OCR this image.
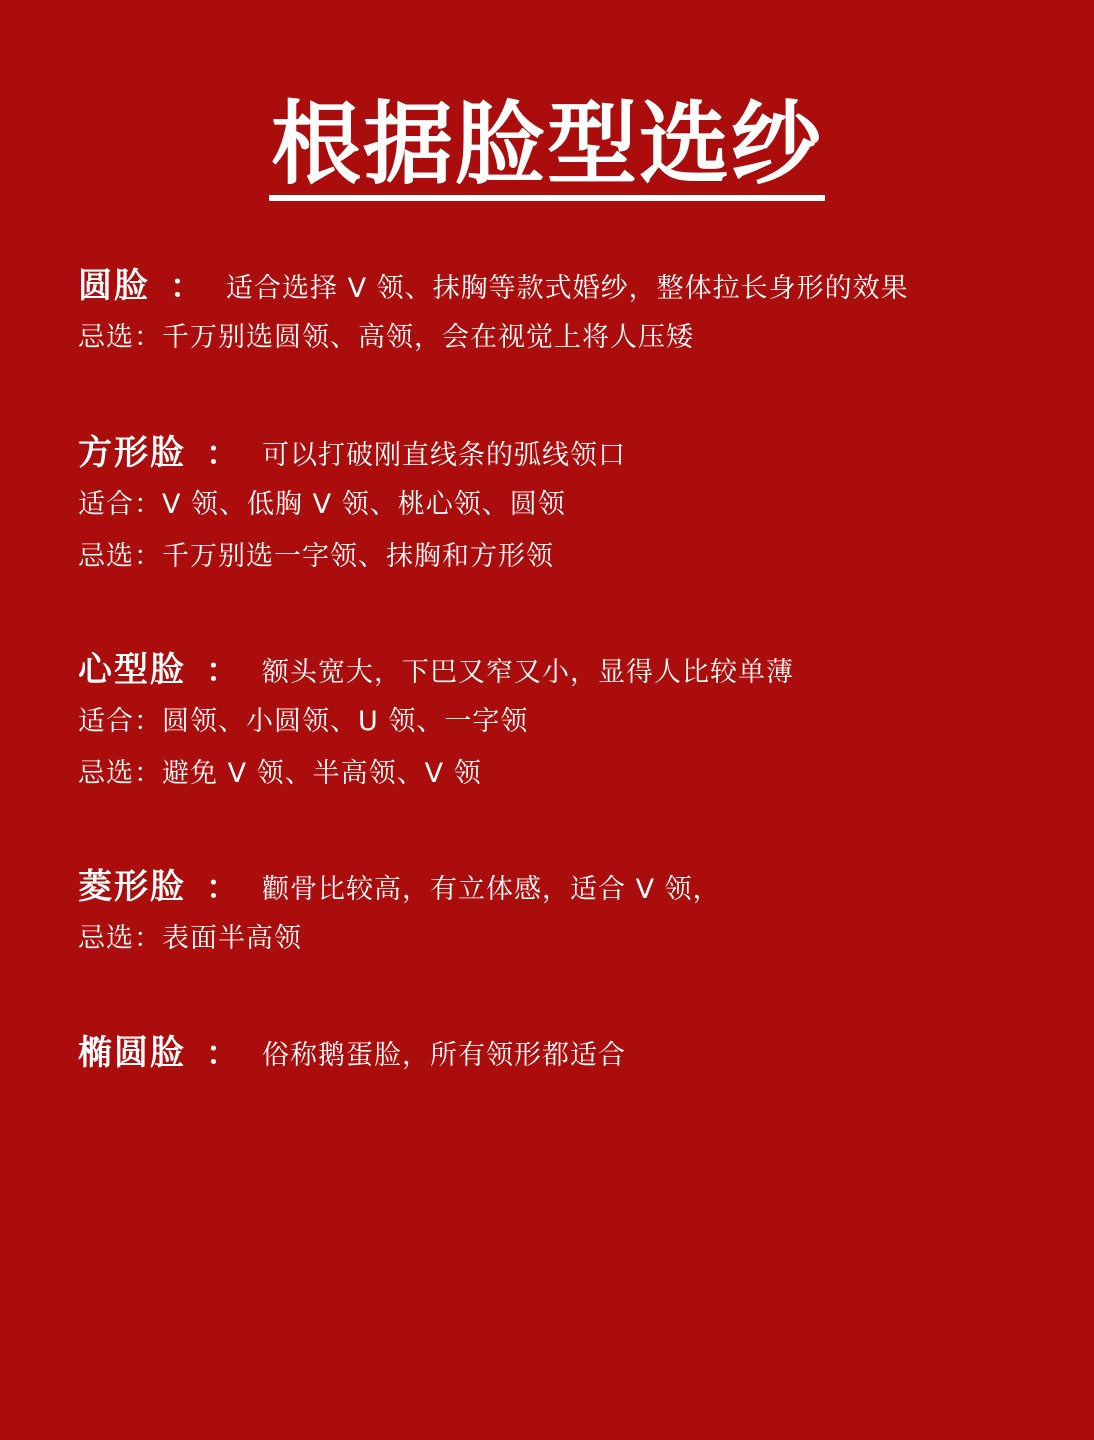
根据脸型选纱
圆脸 ： 适合选择 V 领、抹胸等款式婚纱，整体拉长身形的效果
忌选：千万别选圆领、高领，会在视觉上将人压矮
方形脸 ： 可以打破刚直线条的弧线领口
适合：V 领、低胸 V 领、桃心领、圆领
忌选：千万别选一字领、抹胸和方形领
心型脸 ： 额头宽大，下巴又窄又小，显得人比较单薄
适合：圆领、小圆领、U 领、一字领
忌选：避免 V 领、半高领、V 领
菱形脸 ： 颧骨比较高，有立体感，适合 V 领，
忌选：表面半高领
椭圆脸 ： 俗称鹅蛋脸，所有领形都适合
